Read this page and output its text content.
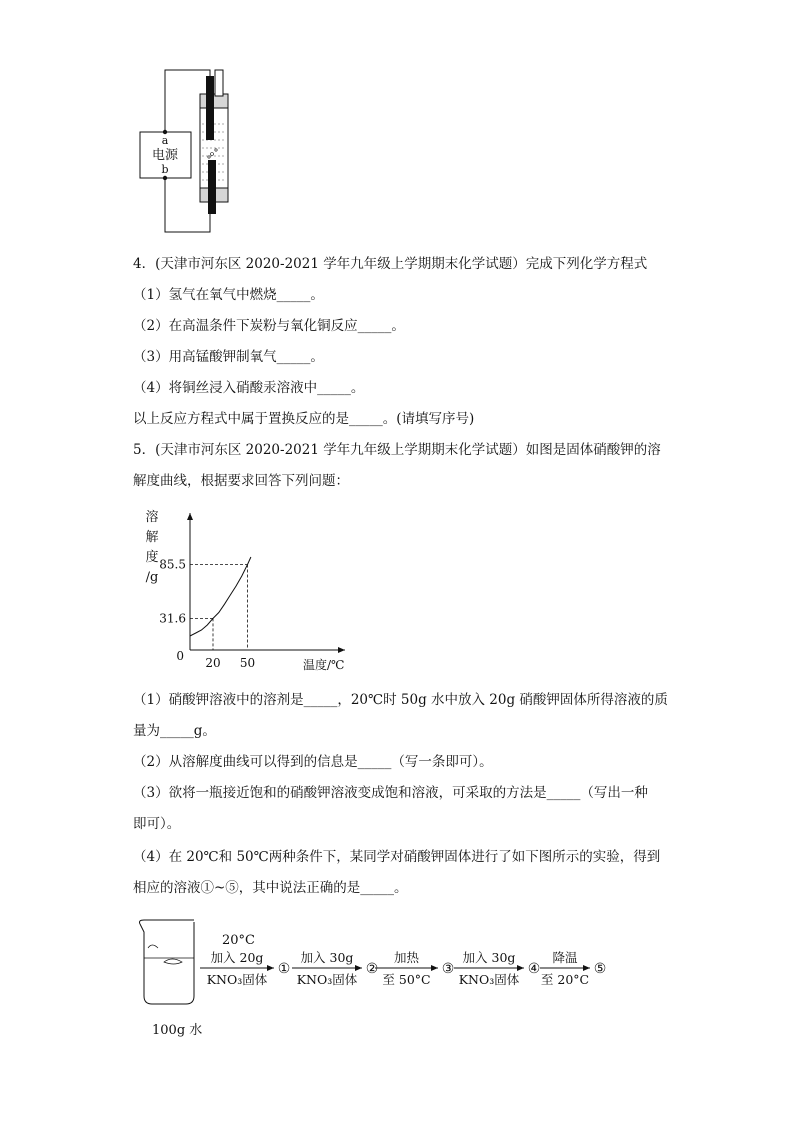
a
电源
b
4．(天津市河东区 2020-2021 学年九年级上学期期末化学试题）完成下列化学方程式
（1）氢气在氧气中燃烧_____。
（2）在高温条件下炭粉与氧化铜反应_____。
（3）用高锰酸钾制氧气_____。
（4）将铜丝浸入硝酸汞溶液中_____。
以上反应方程式中属于置换反应的是_____。(请填写序号)
5．(天津市河东区 2020-2021 学年九年级上学期期末化学试题）如图是固体硝酸钾的溶
解度曲线，根据要求回答下列问题：
溶
解
度
/g
31.6
85.5
20 50
0
温度/℃
（1）硝酸钾溶液中的溶剂是_____，20℃时 50g 水中放入 20g 硝酸钾固体所得溶液的质
量为_____g。
（2）从溶解度曲线可以得到的信息是_____（写一条即可）。
（3）欲将一瓶接近饱和的硝酸钾溶液变成饱和溶液，可采取的方法是_____（写出一种
即可）。
（4）在 20℃和 50℃两种条件下，某同学对硝酸钾固体进行了如下图所示的实验，得到
相应的溶液①~⑤，其中说法正确的是_____。
100g 水
20°C
加入 20g
KNO₃固体
①
加入 30g
KNO₃固体
②
加热
至 50°C
③
加入 30g
KNO₃固体
④
降温
至 20°C
⑤
